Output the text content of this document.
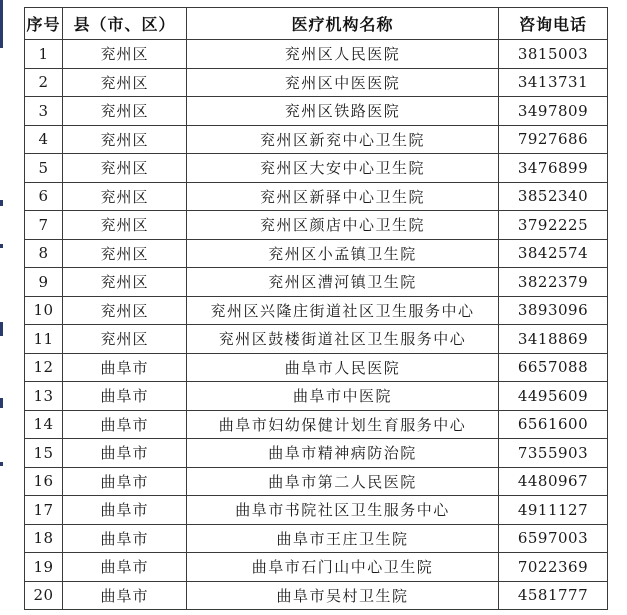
序号	县（市、区）	医疗机构名称	咨询电话
1	兖州区	兖州区人民医院	3815003
2	兖州区	兖州区中医医院	3413731
3	兖州区	兖州区铁路医院	3497809
4	兖州区	兖州区新兖中心卫生院	7927686
5	兖州区	兖州区大安中心卫生院	3476899
6	兖州区	兖州区新驿中心卫生院	3852340
7	兖州区	兖州区颜店中心卫生院	3792225
8	兖州区	兖州区小孟镇卫生院	3842574
9	兖州区	兖州区漕河镇卫生院	3822379
10	兖州区	兖州区兴隆庄街道社区卫生服务中心	3893096
11	兖州区	兖州区鼓楼街道社区卫生服务中心	3418869
12	曲阜市	曲阜市人民医院	6657088
13	曲阜市	曲阜市中医院	4495609
14	曲阜市	曲阜市妇幼保健计划生育服务中心	6561600
15	曲阜市	曲阜市精神病防治院	7355903
16	曲阜市	曲阜市第二人民医院	4480967
17	曲阜市	曲阜市书院社区卫生服务中心	4911127
18	曲阜市	曲阜市王庄卫生院	6597003
19	曲阜市	曲阜市石门山中心卫生院	7022369
20	曲阜市	曲阜市吴村卫生院	4581777
